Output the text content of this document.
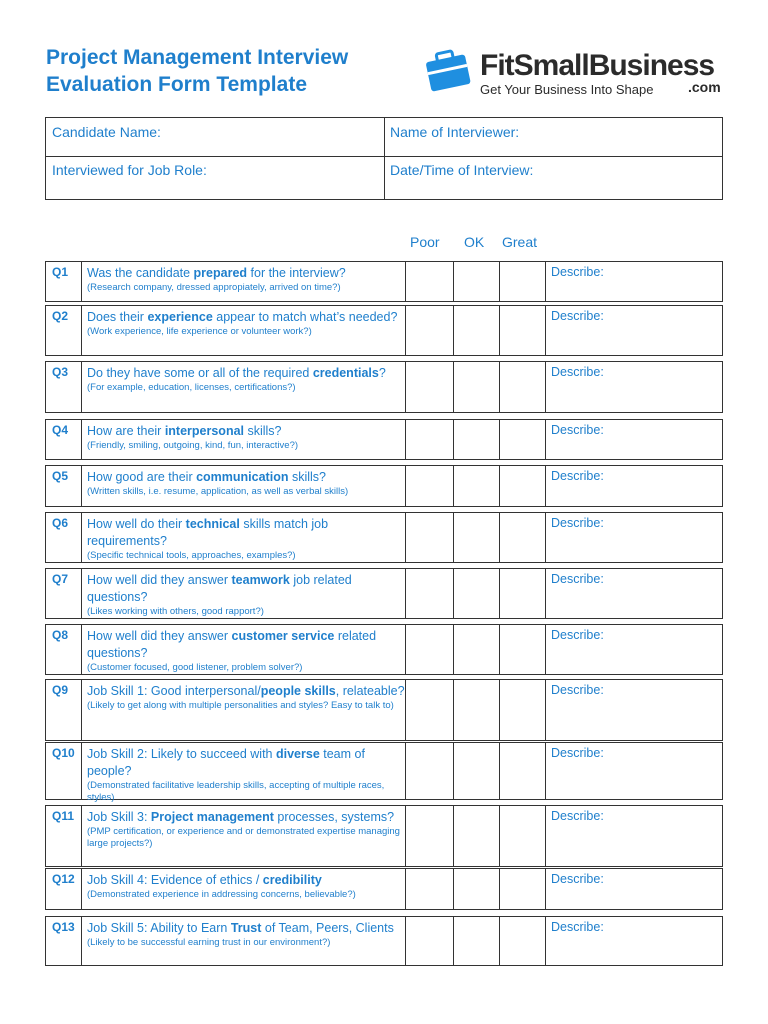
Project Management Interview
Evaluation Form Template
FitSmallBusiness
Get Your Business Into Shape .com
Candidate Name:	Name of Interviewer:
Interviewed for Job Role:	Date/Time of Interview:
Poor OK Great
Q1	Was the candidate prepared for the interview?
(Research company, dressed appropiately, arrived on time?)
Describe:
Q2	Does their experience appear to match what’s needed?
(Work experience, life experience or volunteer work?)
Describe:
Q3	Do they have some or all of the required credentials?
(For example, education, licenses, certifications?)
Describe:
Q4	How are their interpersonal skills?
(Friendly, smiling, outgoing, kind, fun, interactive?)
Describe:
Q5	How good are their communication skills?
(Written skills, i.e. resume, application, as well as verbal skills)
Describe:
Q6	How well do their technical skills match job requirements?
(Specific technical tools, approaches, examples?)
Describe:
Q7	How well did they answer teamwork job related questions?
(Likes working with others, good rapport?)
Describe:
Q8	How well did they answer customer service related questions?
(Customer focused, good listener, problem solver?)
Describe:
Q9	Job Skill 1: Good interpersonal/people skills, relateable?
(Likely to get along with multiple personalities and styles? Easy to talk to)
Describe:
Q10 Job Skill 2: Likely to succeed with diverse team of people?
(Demonstrated facilitative leadership skills, accepting of multiple races, styles)
Describe:
Q11	Job Skill 3: Project management processes, systems?
(PMP certification, or experience and or demonstrated expertise managing large projects?)
Describe:
Q12 Job Skill 4: Evidence of ethics / credibility
(Demonstrated experience in addressing concerns, believable?)
Describe:
Q13 Job Skill 5: Ability to Earn Trust of Team, Peers, Clients
(Likely to be successful earning trust in our environment?)
Describe:
